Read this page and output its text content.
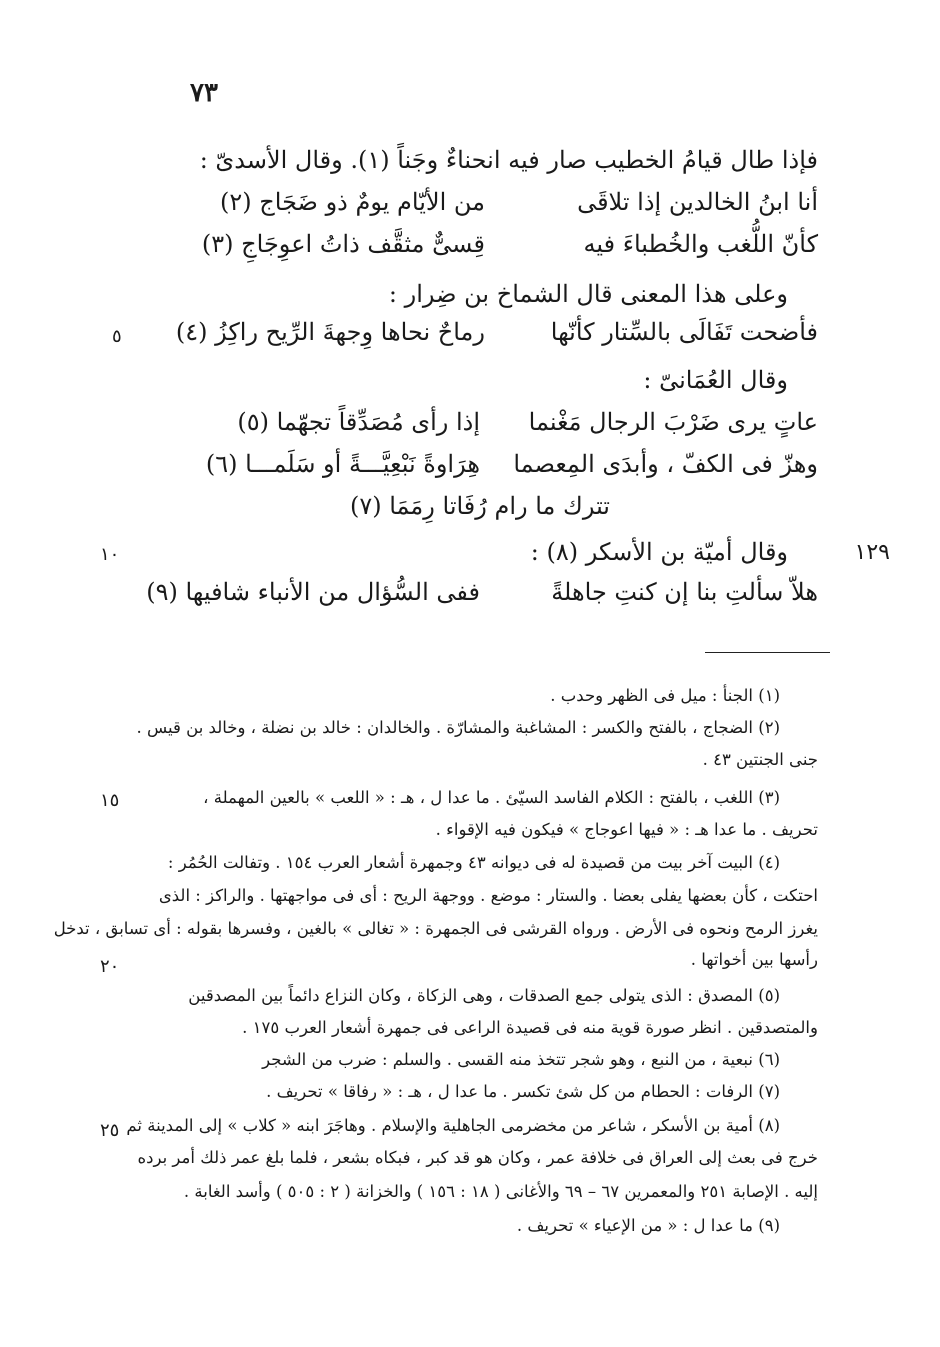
٧٣
فإذا طال قيامُ الخطيب صار فيه انحناءٌ وجَناً (١). وقال الأسدىّ :
أنا ابنُ الخالدين إذا تلاقَى
من الأيّام يومٌ ذو ضَجَاج (٢)
كأنّ اللُّغب والخُطباءَ فيه
قِسىٌّ مثقَّف ذاتُ اعوِجَاجِ (٣)
وعلى هذا المعنى قال الشماخ بن ضِرار :
فأضحت تَفَالَى بالسِّتار كأنّها
رماحٌ نحاها وِجهةَ الرِّيح راكِزُ (٤)
وقال العُمَانىّ :
عاتٍ يرى ضَرْبَ الرجال مَغْنما
إذا رأى مُصَدِّقاً تجهّما (٥)
وهزّ فى الكفّ ، وأبدَى المِعصما
هِرَاوةً نَبْعِيَّـــةً أو سَلَمـــا (٦)
تترك ما رام رُفَاتا رِمَمَا (٧)
وقال أميّة بن الأسكر (٨) :
هلاّ سألتِ بنا إن كنتِ جاهلةً
ففى السُّؤال من الأنباء شافيها (٩)
٥
١٠	١٢٩
(١) الجنأ : ميل فى الظهر وحدب .
(٢) الضجاج ، بالفتح والكسر : المشاغبة والمشارّة . والخالدان : خالد بن نضلة ، وخالد بن قيس .
جنى الجنتين ٤٣ .
(٣) اللغب ، بالفتح : الكلام الفاسد السيّئ . ما عدا ل ، هـ : « اللعب » بالعين المهملة ،
تحريف . ما عدا هـ : « فيها اعوجاج » فيكون فيه الإقواء .
(٤) البيت آخر بيت من قصيدة له فى ديوانه ٤٣ وجمهرة أشعار العرب ١٥٤ . وتفالت الحُمُر :
احتكت ، كأن بعضها يفلى بعضا . والستار : موضع . ووجهة الريح : أى فى مواجهتها . والراكز : الذى
يغرز الرمح ونحوه فى الأرض . ورواه القرشى فى الجمهرة : « تغالى » بالغين ، وفسرها بقوله : أى تسابق ، تدخل
رأسها بين أخواتها .
(٥) المصدق : الذى يتولى جمع الصدقات ، وهى الزكاة ، وكان النزاع دائماً بين المصدقين
والمتصدقين . انظر صورة قوية منه فى قصيدة الراعى فى جمهرة أشعار العرب ١٧٥ .
(٦) نبعية ، من النبع ، وهو شجر تتخذ منه القسى . والسلم : ضرب من الشجر
(٧) الرفات : الحطام من كل شئ تكسر . ما عدا ل ، هـ : « رفاقا » تحريف .
(٨) أمية بن الأسكر ، شاعر من مخضرمى الجاهلية والإسلام . وهاجَرَ ابنه « كلاب » إلى المدينة ثم
خرج فى بعث إلى العراق فى خلافة عمر ، وكان هو قد كبر ، فبكاه بشعر ، فلما بلغ عمر ذلك أمر برده
إليه . الإصابة ٢٥١ والمعمرين ٦٧ – ٦٩ والأغانى ( ١٨ : ١٥٦ ) والخزانة ( ٢ : ٥٠٥ ) وأسد الغابة .
(٩) ما عدا ل : « من الإعياء » تحريف .
١٥
٢٠
٢٥
